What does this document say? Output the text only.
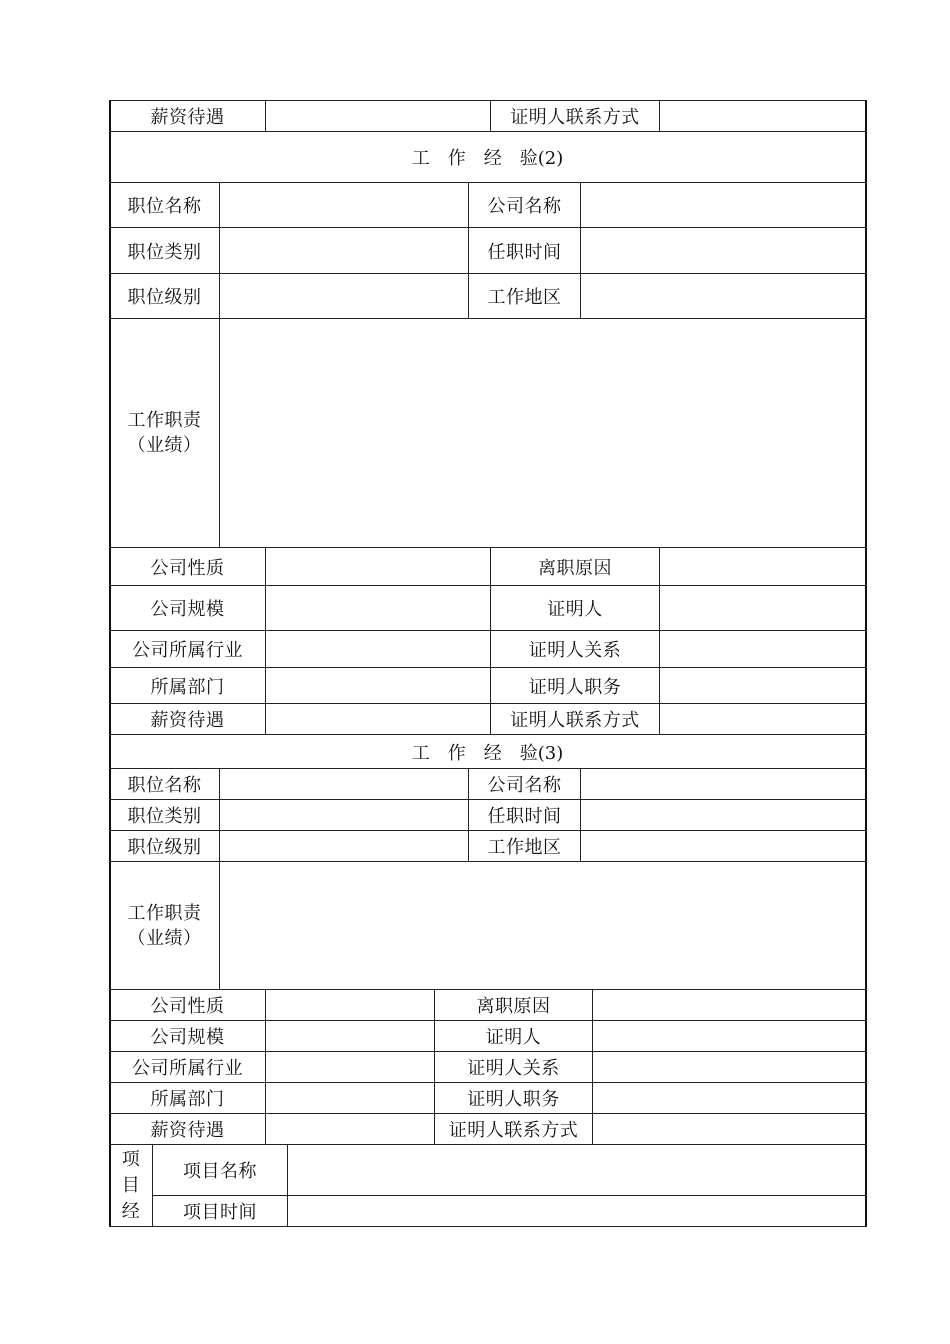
薪资待遇	证明人联系方式
工 作 经 验(2)
职位名称	公司名称
职位类别	任职时间
职位级别	工作地区
工作职责
（业绩）
公司性质	离职原因
公司规模	证明人
公司所属行业	证明人关系
所属部门	证明人职务
薪资待遇	证明人联系方式
工 作 经 验(3)
职位名称	公司名称
职位类别	任职时间
职位级别	工作地区
工作职责
（业绩）
公司性质	离职原因
公司规模	证明人
公司所属行业	证明人关系
所属部门	证明人职务
薪资待遇	证明人联系方式
项
目
经
项目名称
项目时间
